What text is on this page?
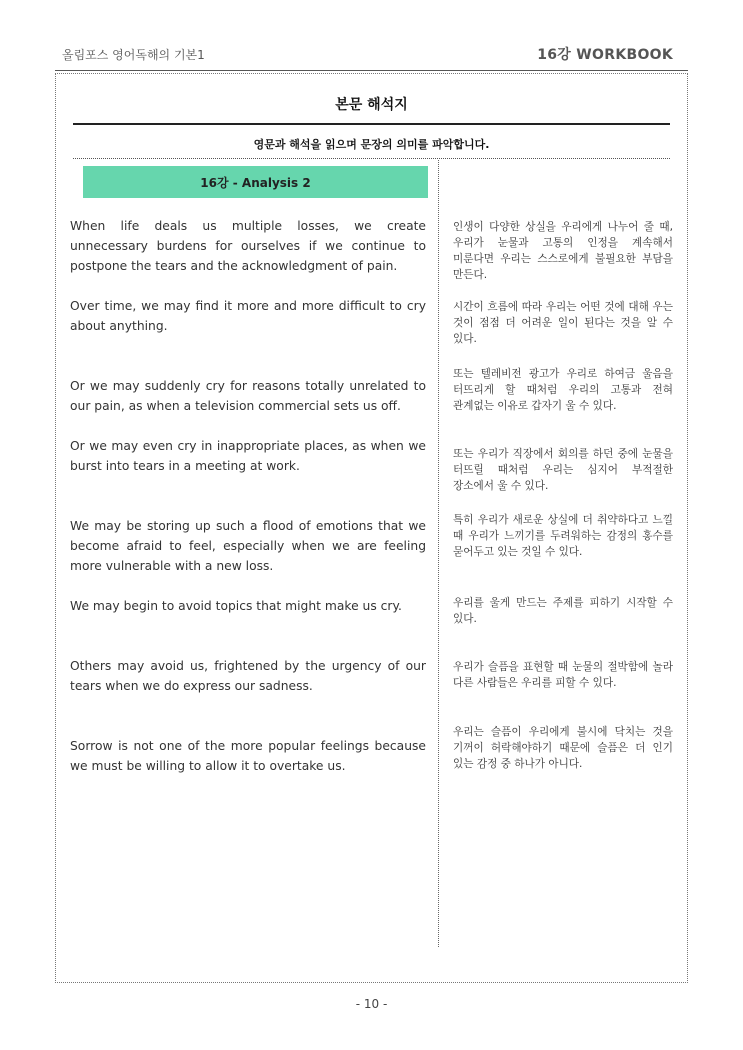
올림포스 영어독해의 기본1	16강 WORKBOOK
본문 해석지
영문과 해석을 읽으며 문장의 의미를 파악합니다.
16강 - Analysis 2
When life deals us multiple losses, we create unnecessary burdens for ourselves if we continue to postpone the tears and the acknowledgment of pain.
인생이 다양한 상실을 우리에게 나누어 줄 때, 우리가 눈물과 고통의 인정을 계속해서 미룬다면 우리는 스스로에게 불필요한 부담을 만든다.
Over time, we may find it more and more difficult to cry about anything.
시간이 흐름에 따라 우리는 어떤 것에 대해 우는 것이 점점 더 어려운 일이 된다는 것을 알 수 있다.
Or we may suddenly cry for reasons totally unrelated to our pain, as when a television commercial sets us off.
또는 텔레비전 광고가 우리로 하여금 울음을 터뜨리게 할 때처럼 우리의 고통과 전혀 관계없는 이유로 갑자기 울 수 있다.
Or we may even cry in inappropriate places, as when we burst into tears in a meeting at work.
또는 우리가 직장에서 회의를 하던 중에 눈물을 터뜨릴 때처럼 우리는 심지어 부적절한 장소에서 울 수 있다.
We may be storing up such a flood of emotions that we become afraid to feel, especially when we are feeling more vulnerable with a new loss.
특히 우리가 새로운 상실에 더 취약하다고 느낄 때 우리가 느끼기를 두려워하는 감정의 홍수를 묻어두고 있는 것일 수 있다.
We may begin to avoid topics that might make us cry.	우리를 울게 만드는 주제를 피하기 시작할 수 있다.
Others may avoid us, frightened by the urgency of our tears when we do express our sadness.
우리가 슬픔을 표현할 때 눈물의 절박함에 놀라 다른 사람들은 우리를 피할 수 있다.
Sorrow is not one of the more popular feelings because we must be willing to allow it to overtake us.
우리는 슬픔이 우리에게 불시에 닥치는 것을 기꺼이 허락해야하기 때문에 슬픔은 더 인기 있는 감정 중 하나가 아니다.
- 10 -
